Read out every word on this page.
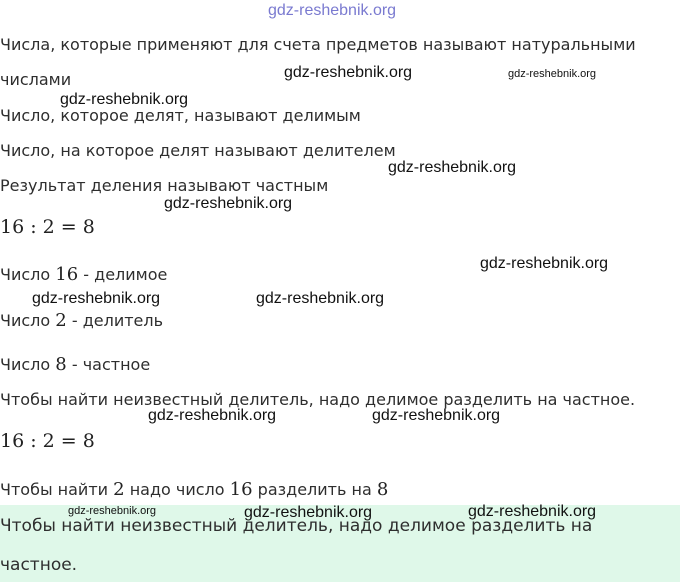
gdz-reshebnik.org
Числа, которые применяют для счета предметов называют натуральными
числами
Число, которое делят, называют делимым
Число, на которое делят называют делителем
Результат деления называют частным
16 : 2 = 8
Число 16 - делимое
Число 2 - делитель
Число 8 - частное
Чтобы найти неизвестный делитель, надо делимое разделить на частное.
16 : 2 = 8
Чтобы найти 2 надо число 16 разделить на 8
Чтобы найти неизвестный делитель, надо делимое разделить на
частное.
gdz-reshebnik.org	gdz-reshebnik.org
gdz-reshebnik.org
gdz-reshebnik.org
gdz-reshebnik.org
gdz-reshebnik.org
gdz-reshebnik.org	gdz-reshebnik.org
gdz-reshebnik.org	gdz-reshebnik.org
gdz-reshebnik.org	gdz-reshebnik.org	gdz-reshebnik.org
